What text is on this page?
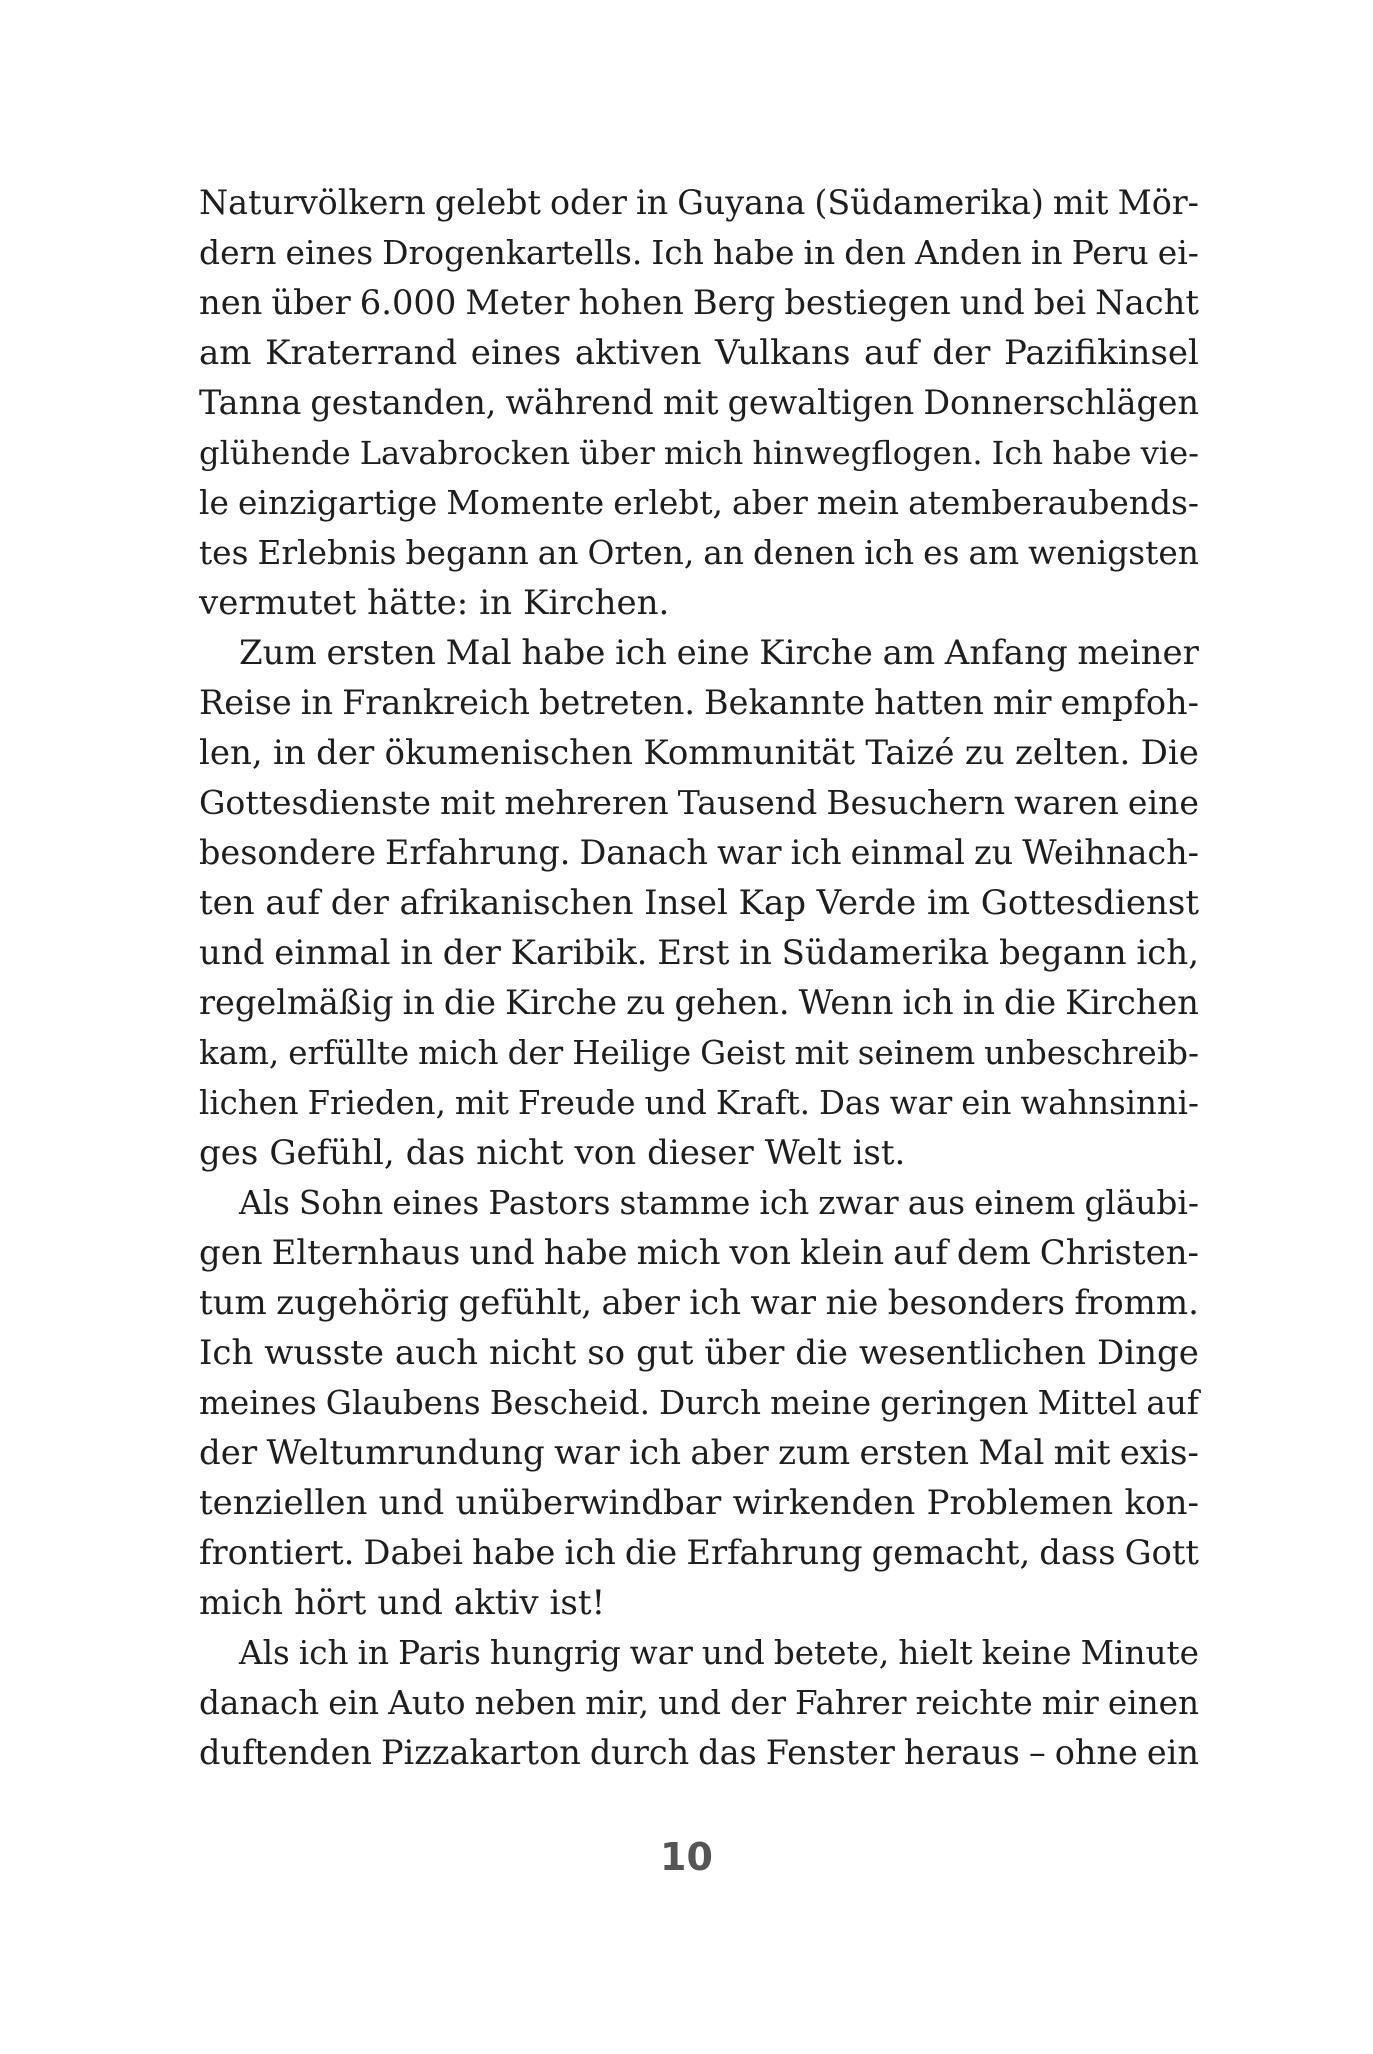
Naturvölkern gelebt oder in Guyana (Südamerika) mit Mör-
dern eines Drogenkartells. Ich habe in den Anden in Peru ei-
nen über 6.000 Meter hohen Berg bestiegen und bei Nacht
am Kraterrand eines aktiven Vulkans auf der Pazifikinsel
Tanna gestanden, während mit gewaltigen Donnerschlägen
glühende Lavabrocken über mich hinwegflogen. Ich habe vie-
le einzigartige Momente erlebt, aber mein atemberaubends-
tes Erlebnis begann an Orten, an denen ich es am wenigsten
vermutet hätte: in Kirchen.
Zum ersten Mal habe ich eine Kirche am Anfang meiner
Reise in Frankreich betreten. Bekannte hatten mir empfoh-
len, in der ökumenischen Kommunität Taizé zu zelten. Die
Gottesdienste mit mehreren Tausend Besuchern waren eine
besondere Erfahrung. Danach war ich einmal zu Weihnach-
ten auf der afrikanischen Insel Kap Verde im Gottesdienst
und einmal in der Karibik. Erst in Südamerika begann ich,
regelmäßig in die Kirche zu gehen. Wenn ich in die Kirchen
kam, erfüllte mich der Heilige Geist mit seinem unbeschreib-
lichen Frieden, mit Freude und Kraft. Das war ein wahnsinni-
ges Gefühl, das nicht von dieser Welt ist.
Als Sohn eines Pastors stamme ich zwar aus einem gläubi-
gen Elternhaus und habe mich von klein auf dem Christen-
tum zugehörig gefühlt, aber ich war nie besonders fromm.
Ich wusste auch nicht so gut über die wesentlichen Dinge
meines Glaubens Bescheid. Durch meine geringen Mittel auf
der Weltumrundung war ich aber zum ersten Mal mit exis-
tenziellen und unüberwindbar wirkenden Problemen kon-
frontiert. Dabei habe ich die Erfahrung gemacht, dass Gott
mich hört und aktiv ist!
Als ich in Paris hungrig war und betete, hielt keine Minute
danach ein Auto neben mir, und der Fahrer reichte mir einen
duftenden Pizzakarton durch das Fenster heraus – ohne ein
10
